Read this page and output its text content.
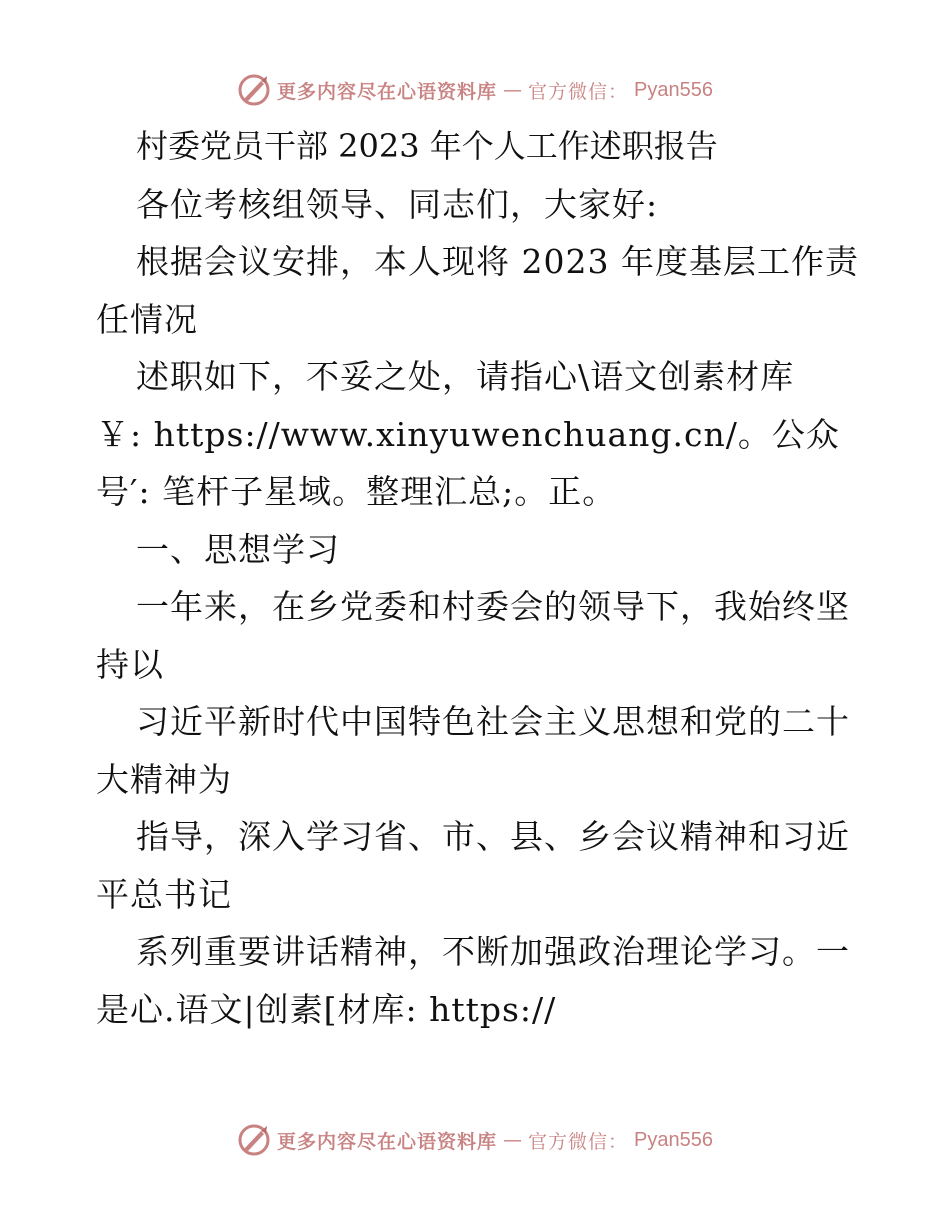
更多内容尽在心语资料库 — 官方微信： Pyan556
村委党员干部 2023 年个人工作述职报告
各位考核组领导、同志们，大家好:
根据会议安排，本人现将 2023 年度基层工作责
任情况
述职如下，不妥之处，请指心\语文创素材库
￥: https://www.xinyuwenchuang.cn/。公众
号′: 笔杆子星域。整理汇总;。正。
一、思想学习
一年来，在乡党委和村委会的领导下，我始终坚
持以
习近平新时代中国特色社会主义思想和党的二十
大精神为
指导，深入学习省、市、县、乡会议精神和习近
平总书记
系列重要讲话精神，不断加强政治理论学习。一
是心.语文|创素[材库: https://
更多内容尽在心语资料库 — 官方微信： Pyan556
